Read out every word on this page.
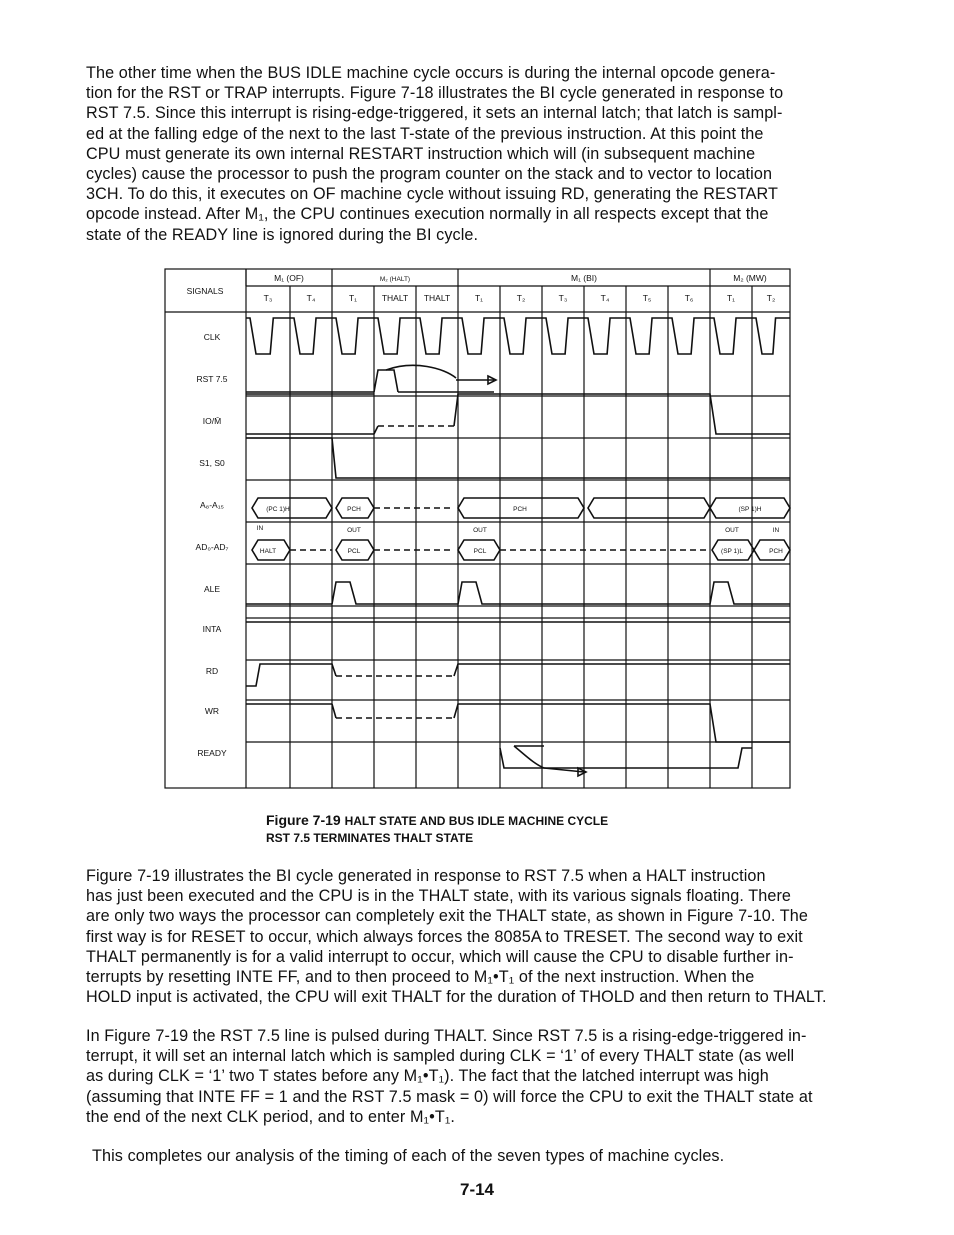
The other time when the BUS IDLE machine cycle occurs is during the internal opcode genera-
tion for the RST or TRAP interrupts. Figure 7-18 illustrates the BI cycle generated in response to
RST 7.5. Since this interrupt is rising-edge-triggered, it sets an internal latch; that latch is sampl-
ed at the falling edge of the next to the last T-state of the previous instruction. At this point the
CPU must generate its own internal RESTART instruction which will (in subsequent machine
cycles) cause the processor to push the program counter on the stack and to vector to location
3CH. To do this, it executes on OF machine cycle without issuing RD, generating the RESTART
opcode instead. After M₁, the CPU continues execution normally in all respects except that the
state of the READY line is ignored during the BI cycle.
SIGNALS
M₁ (OF)	M₂ (HALT)	M₁ (BI)	M₂ (MW)
T₃	T₄	T₁	THALT THALT	T₁	T₂	T₃	T₄	T₅	T₆	T₁	T₂
CLK
RST 7.5
IO/M̄
S1, S0
A₈-A₁₅
AD₀-AD₇
ALE
INTA
RD
WR
READY
(PC 1)H	PCH	PCH	(SP 1)H
IN
HALT
OUT
PCL
OUT
PCL
OUT	IN
(SP 1)L	PCH
Figure 7-19 HALT STATE AND BUS IDLE MACHINE CYCLE
RST 7.5 TERMINATES THALT STATE
Figure 7-19 illustrates the BI cycle generated in response to RST 7.5 when a HALT instruction
has just been executed and the CPU is in the THALT state, with its various signals floating. There
are only two ways the processor can completely exit the THALT state, as shown in Figure 7-10. The
first way is for RESET to occur, which always forces the 8085A to TRESET. The second way to exit
THALT permanently is for a valid interrupt to occur, which will cause the CPU to disable further in-
terrupts by resetting INTE FF, and to then proceed to M₁•T₁ of the next instruction. When the
HOLD input is activated, the CPU will exit THALT for the duration of THOLD and then return to THALT.
In Figure 7-19 the RST 7.5 line is pulsed during THALT. Since RST 7.5 is a rising-edge-triggered in-
terrupt, it will set an internal latch which is sampled during CLK = ‘1’ of every THALT state (as well
as during CLK = ‘1’ two T states before any M₁•T₁). The fact that the latched interrupt was high
(assuming that INTE FF = 1 and the RST 7.5 mask = 0) will force the CPU to exit the THALT state at
the end of the next CLK period, and to enter M₁•T₁.
This completes our analysis of the timing of each of the seven types of machine cycles.
7-14
